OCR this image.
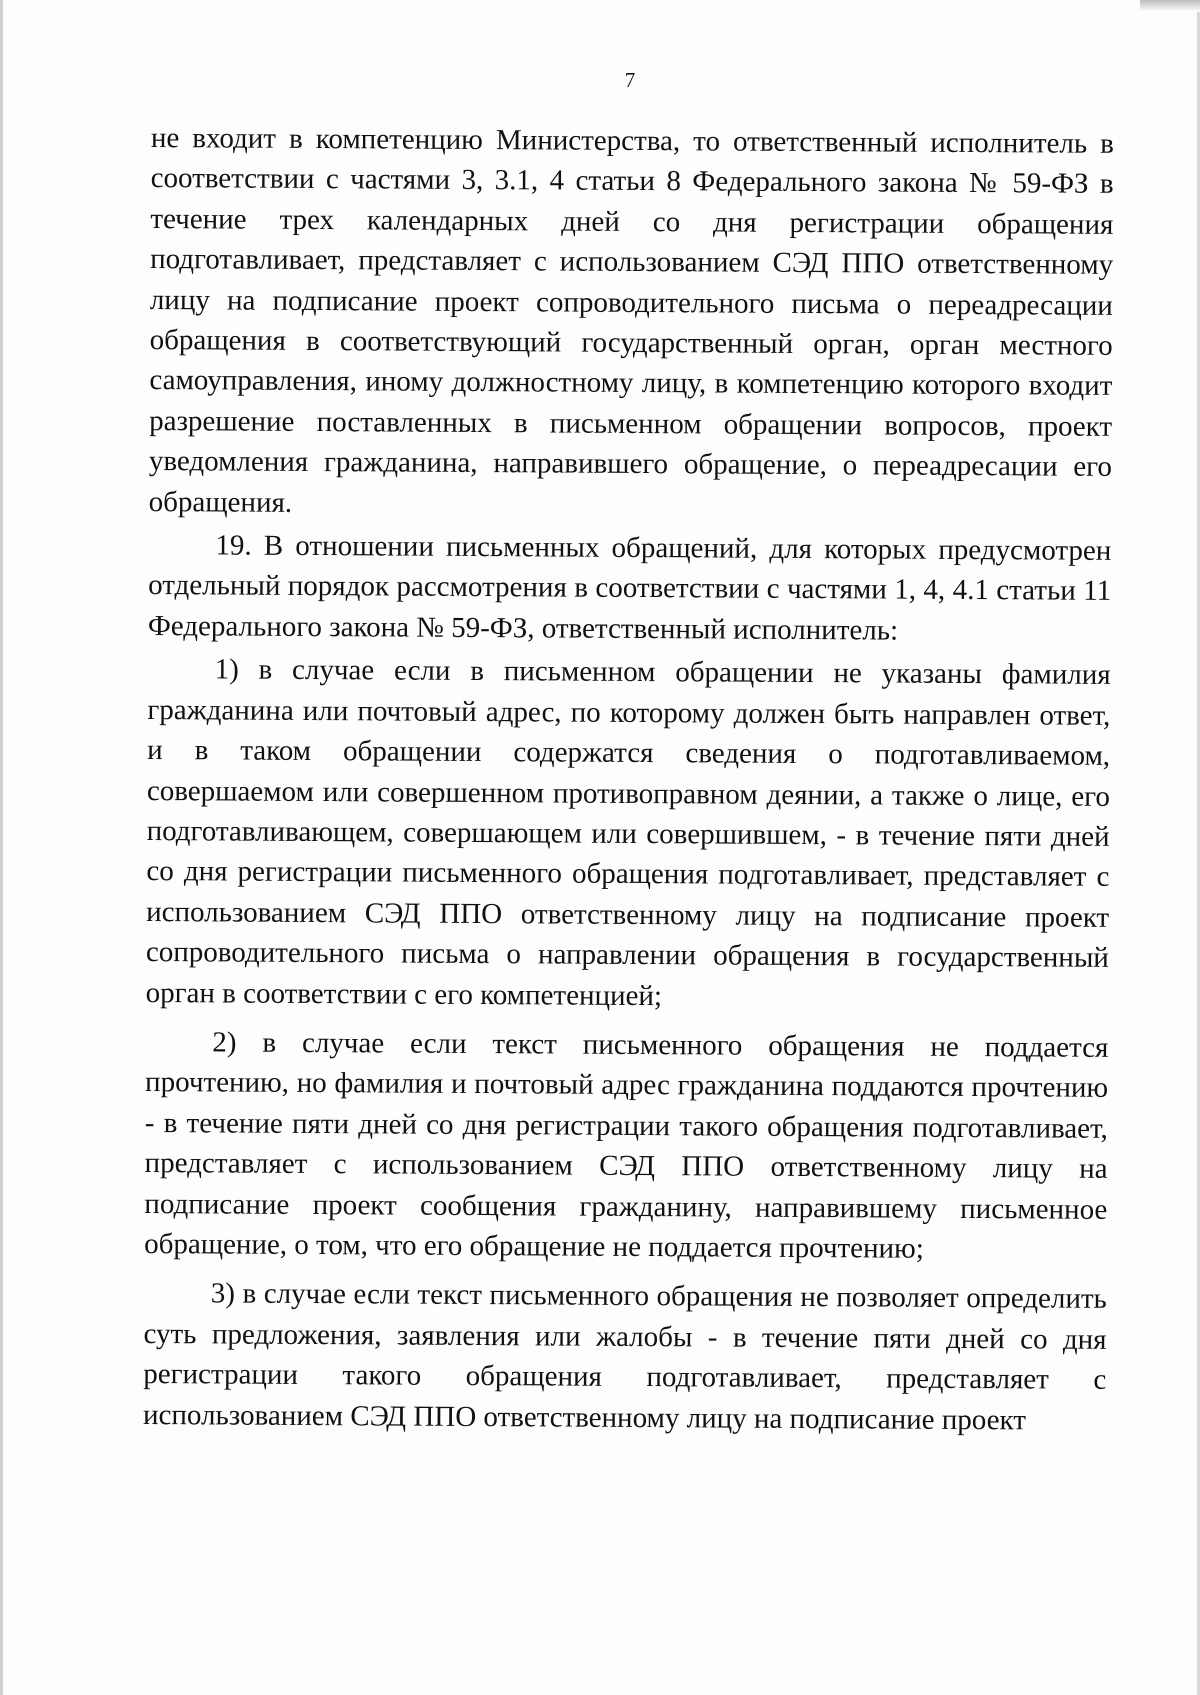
7

не входит в компетенцию Министерства, то ответственный исполнитель в соответствии с частями 3, 3.1, 4 статьи 8 Федерального закона № 59-ФЗ в течение трех календарных дней со дня регистрации обращения подготавливает, представляет с использованием СЭД ППО ответственному лицу на подписание проект сопроводительного письма о переадресации обращения в соответствующий государственный орган, орган местного самоуправления, иному должностному лицу, в компетенцию которого входит разрешение поставленных в письменном обращении вопросов, проект уведомления гражданина, направившего обращение, о переадресации его обращения.

19. В отношении письменных обращений, для которых предусмотрен отдельный порядок рассмотрения в соответствии с частями 1, 4, 4.1 статьи 11 Федерального закона № 59-ФЗ, ответственный исполнитель:

1) в случае если в письменном обращении не указаны фамилия гражданина или почтовый адрес, по которому должен быть направлен ответ, и в таком обращении содержатся сведения о подготавливаемом, совершаемом или совершенном противоправном деянии, а также о лице, его подготавливающем, совершающем или совершившем, - в течение пяти дней со дня регистрации письменного обращения подготавливает, представляет с использованием СЭД ППО ответственному лицу на подписание проект сопроводительного письма о направлении обращения в государственный орган в соответствии с его компетенцией;

2) в случае если текст письменного обращения не поддается прочтению, но фамилия и почтовый адрес гражданина поддаются прочтению - в течение пяти дней со дня регистрации такого обращения подготавливает, представляет с использованием СЭД ППО ответственному лицу на подписание проект сообщения гражданину, направившему письменное обращение, о том, что его обращение не поддается прочтению;

3) в случае если текст письменного обращения не позволяет определить суть предложения, заявления или жалобы - в течение пяти дней со дня регистрации такого обращения подготавливает, представляет с использованием СЭД ППО ответственному лицу на подписание проект
